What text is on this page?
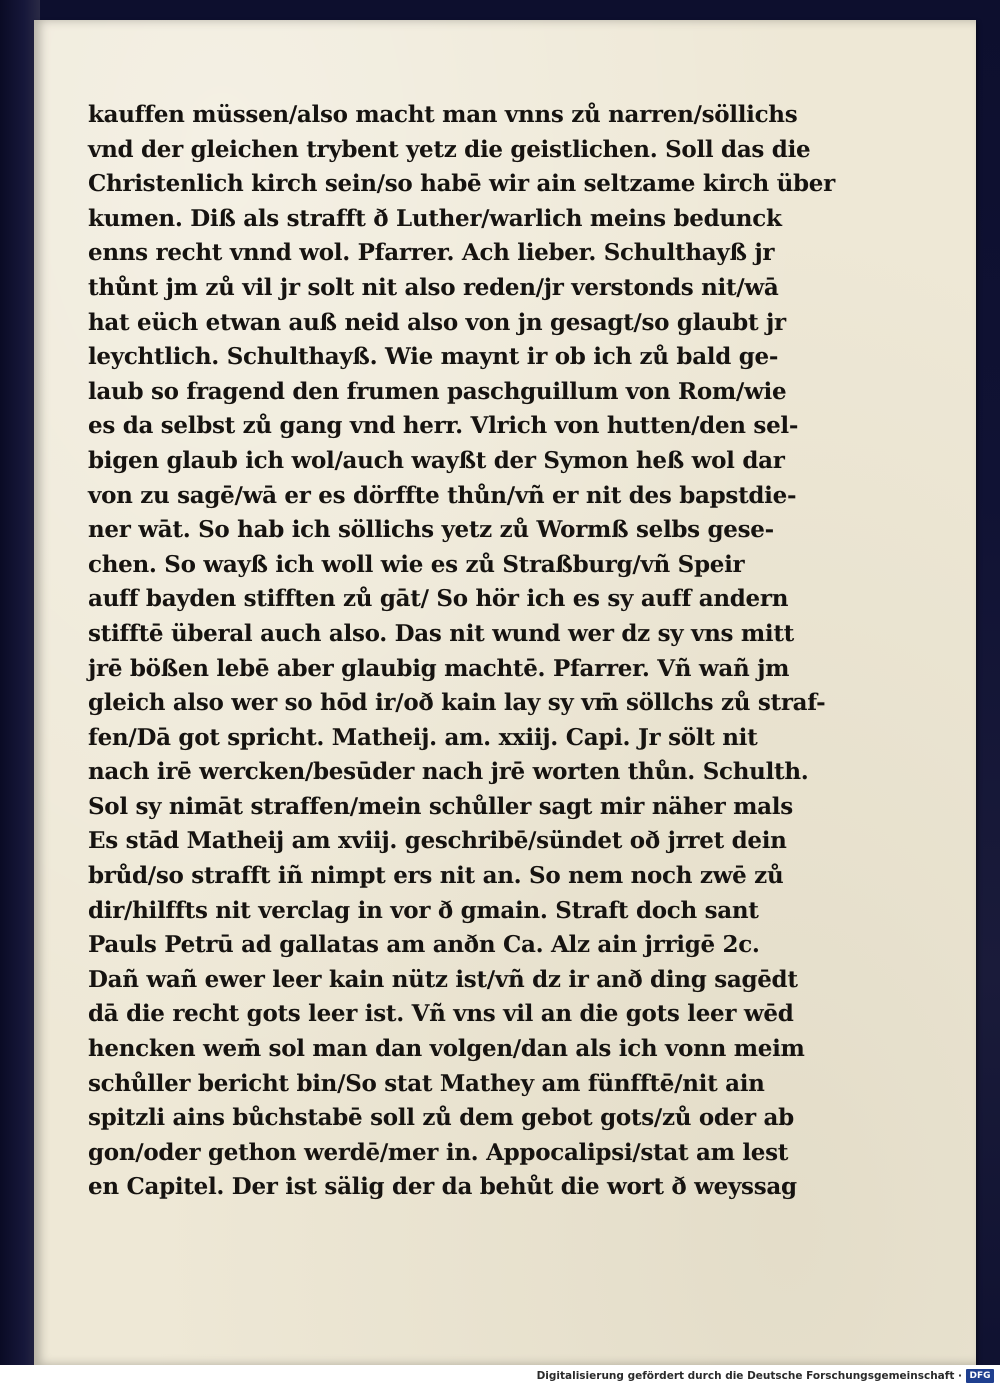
kauffen müssen/also macht man vnns zů narren/söllichs
vnd der gleichen trybent yetz die geistlichen. Soll das die
Christenlich kirch sein/so habē wir ain seltzame kirch über
kumen. Diß als strafft ð Luther/warlich meins bedunck
enns recht vnnd wol. Pfarrer. Ach lieber. Schulthayß jr
thůnt jm zů vil jr solt nit also reden/jr verstonds nit/wā
hat eüch etwan auß neid also von jn gesagt/so glaubt jr
leychtlich. Schulthayß. Wie maynt ir ob ich zů bald ge-
laub so fragend den frumen paschguillum von Rom/wie
es da selbst zů gang vnd herr. Vlrich von hutten/den sel-
bigen glaub ich wol/auch wayßt der Symon heß wol dar
von zu sagē/wā er es dörffte thůn/vñ er nit des bapstdie-
ner wāt. So hab ich söllichs yetz zů Wormß selbs gese-
chen. So wayß ich woll wie es zů Straßburg/vñ Speir
auff bayden stifften zů gāt/ So hör ich es sy auff andern
stifftē überal auch also. Das nit wund wer dz sy vns mitt
jrē bößen lebē aber glaubig machtē. Pfarrer. Vñ wañ jm
gleich also wer so hōd ir/oð kain lay sy vm̄ söllchs zů straf-
fen/Dā got spricht. Matheij. am. xxiij. Capi. Jr sölt nit
nach irē wercken/besūder nach jrē worten thůn. Schulth.
Sol sy nimāt straffen/mein schůller sagt mir näher mals
Es stād Matheij am xviij. geschribē/sündet oð jrret dein
brůd/so strafft iñ nimpt ers nit an. So nem noch zwē zů
dir/hilffts nit verclag in vor ð gmain. Straft doch sant
Pauls Petrū ad gallatas am anðn Ca. Alz ain jrrigē 2c.
Dañ wañ ewer leer kain nütz ist/vñ dz ir anð ding sagēdt
dā die recht gots leer ist. Vñ vns vil an die gots leer wēd
hencken wem̄ sol man dan volgen/dan als ich vonn meim
schůller bericht bin/So stat Mathey am fünfftē/nit ain
spitzli ains bůchstabē soll zů dem gebot gots/zů oder ab
gon/oder gethon werdē/mer in. Appocalipsi/stat am lest
en Capitel. Der ist sälig der da behůt die wort ð weyssag
Digitalisierung gefördert durch die Deutsche Forschungsgemeinschaft · DFG
